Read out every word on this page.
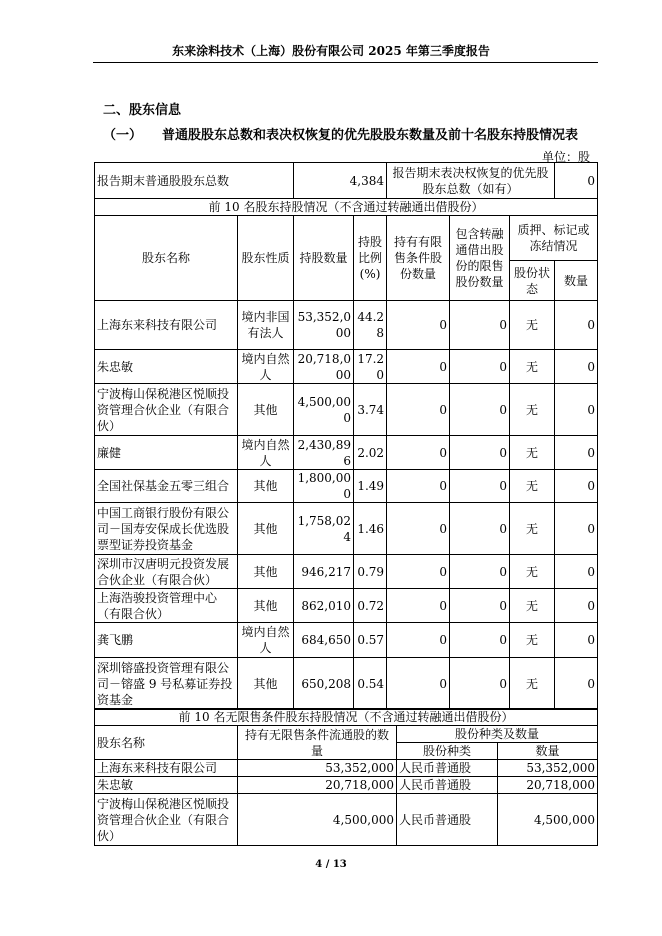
东来涂料技术（上海）股份有限公司 2025 年第三季度报告
二、股东信息
（一） 普通股股东总数和表决权恢复的优先股股东数量及前十名股东持股情况表
单位：股
报告期末普通股股东总数		4,384		报告期末表决权恢复的优先股股东总数（如有）			0
前 10 名股东持股情况（不含通过转融通出借股份）							
股东名称	股东性质	持股数量	持股比例(%)	持有有限售条件股份数量	包含转融通借出股份的限售股份数量	质押、标记或冻结情况	
						股份状态	数量
上海东来科技有限公司	境内非国有法人	53,352,000	44.28	0	0	无	0
朱忠敏	境内自然人	20,718,000	17.20	0	0	无	0
宁波梅山保税港区悦顺投资管理合伙企业（有限合伙）	其他	4,500,000	3.74	0	0	无	0
廉健	境内自然人	2,430,896	2.02	0	0	无	0
全国社保基金五零三组合	其他	1,800,000	1.49	0	0	无	0
中国工商银行股份有限公司－国寿安保成长优选股票型证券投资基金	其他	1,758,024	1.46	0	0	无	0
深圳市汉唐明元投资发展合伙企业（有限合伙）	其他	946,217	0.79	0	0	无	0
上海浩骏投资管理中心（有限合伙）	其他	862,010	0.72	0	0	无	0
龚飞鹏	境内自然人	684,650	0.57	0	0	无	0
深圳镕盛投资管理有限公司－镕盛 9 号私募证券投资基金	其他	650,208	0.54	0	0	无	0
前 10 名无限售条件股东持股情况（不含通过转融通出借股份）			
股东名称	持有无限售条件流通股的数量	股份种类及数量	
		股份种类	数量
上海东来科技有限公司	53,352,000	人民币普通股	53,352,000
朱忠敏	20,718,000	人民币普通股	20,718,000
宁波梅山保税港区悦顺投资管理合伙企业（有限合伙）	4,500,000	人民币普通股	4,500,000
4 / 13
